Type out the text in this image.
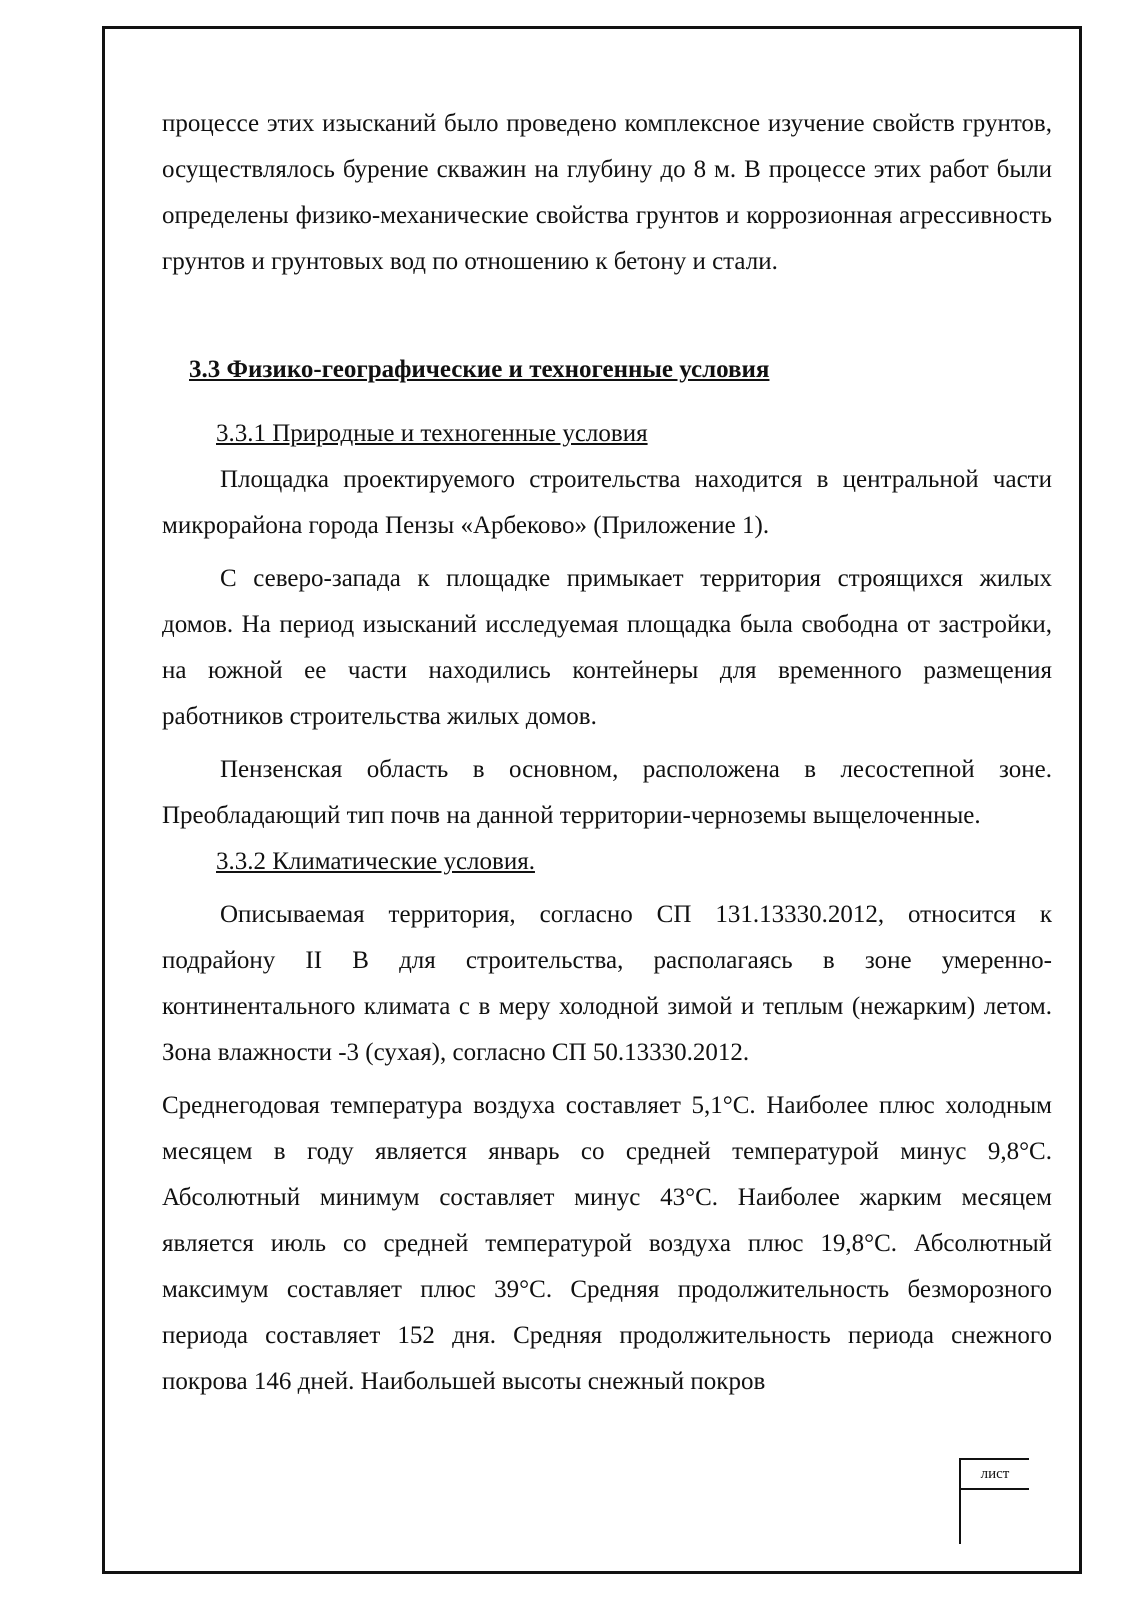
лист

процессе этих изысканий было проведено комплексное изучение свойств грунтов, осуществлялось бурение скважин на глубину до 8 м. В процессе этих работ были определены физико-механические свойства грунтов и коррозионная агрессивность грунтов и грунтовых вод по отношению к бетону и стали.

3.3 Физико-географические и техногенные условия
3.3.1 Природные и техногенные условия

Площадка проектируемого строительства находится в центральной части микрорайона города Пензы «Арбеково» (Приложение 1).

С северо-запада к площадке примыкает территория строящихся жилых домов. На период изысканий исследуемая площадка была свободна от застройки, на южной ее части находились контейнеры для временного размещения работников строительства жилых домов.

Пензенская область в основном, расположена в лесостепной зоне. Преобладающий тип почв на данной территории-черноземы выщелоченные.

3.3.2 Климатические условия.

Описываемая территория, согласно СП 131.13330.2012, относится к подрайону II В для строительства, располагаясь в зоне умеренно-континентального климата с в меру холодной зимой и теплым (нежарким) летом. Зона влажности -3 (сухая), согласно СП 50.13330.2012.

Среднегодовая температура воздуха составляет 5,1°С. Наиболее плюс холодным месяцем в году является январь со средней температурой минус 9,8°С. Абсолютный минимум составляет минус 43°С. Наиболее жарким месяцем является июль со средней температурой воздуха плюс 19,8°С. Абсолютный максимум составляет плюс 39°С. Средняя продолжительность безморозного периода составляет 152 дня. Средняя продолжительность периода снежного покрова 146 дней. Наибольшей высоты снежный покров
